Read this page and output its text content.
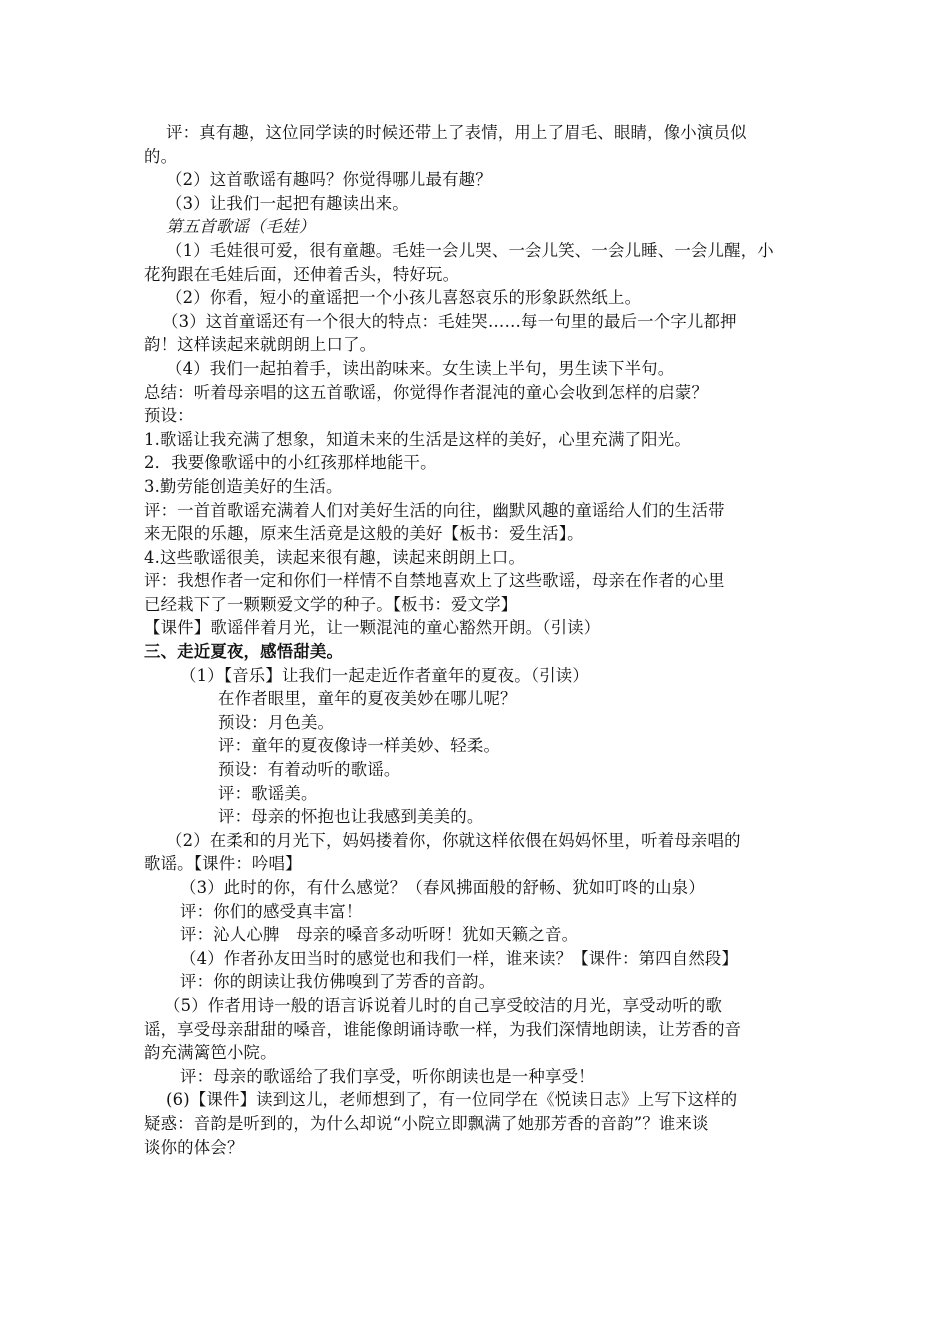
评：真有趣，这位同学读的时候还带上了表情，用上了眉毛、眼睛，像小演员似
的。
（2）这首歌谣有趣吗？你觉得哪儿最有趣？
（3）让我们一起把有趣读出来。
第五首歌谣（毛娃）
（1）毛娃很可爱，很有童趣。毛娃一会儿哭、一会儿笑、一会儿睡、一会儿醒，小
花狗跟在毛娃后面，还伸着舌头，特好玩。
（2）你看，短小的童谣把一个小孩儿喜怒哀乐的形象跃然纸上。
（3）这首童谣还有一个很大的特点：毛娃哭……每一句里的最后一个字儿都押
韵！这样读起来就朗朗上口了。
（4）我们一起拍着手，读出韵味来。女生读上半句，男生读下半句。
总结：听着母亲唱的这五首歌谣，你觉得作者混沌的童心会收到怎样的启蒙？
预设：
1.歌谣让我充满了想象，知道未来的生活是这样的美好，心里充满了阳光。
2．我要像歌谣中的小红孩那样地能干。
3.勤劳能创造美好的生活。
评：一首首歌谣充满着人们对美好生活的向往，幽默风趣的童谣给人们的生活带
来无限的乐趣，原来生活竟是这般的美好【板书：爱生活】。
4.这些歌谣很美，读起来很有趣，读起来朗朗上口。
评：我想作者一定和你们一样情不自禁地喜欢上了这些歌谣，母亲在作者的心里
已经栽下了一颗颗爱文学的种子。【板书：爱文学】
【课件】歌谣伴着月光，让一颗混沌的童心豁然开朗。（引读）
三、走近夏夜，感悟甜美。
（1）【音乐】让我们一起走近作者童年的夏夜。（引读）
在作者眼里，童年的夏夜美妙在哪儿呢？
预设：月色美。
评：童年的夏夜像诗一样美妙、轻柔。
预设：有着动听的歌谣。
评：歌谣美。
评：母亲的怀抱也让我感到美美的。
（2）在柔和的月光下，妈妈搂着你，你就这样依偎在妈妈怀里，听着母亲唱的
歌谣。【课件：吟唱】
（3）此时的你，有什么感觉？（春风拂面般的舒畅、犹如叮咚的山泉）
评：你们的感受真丰富！
评：沁人心脾　母亲的嗓音多动听呀！犹如天籁之音。
（4）作者孙友田当时的感觉也和我们一样，谁来读？【课件：第四自然段】
评：你的朗读让我仿佛嗅到了芳香的音韵。
（5）作者用诗一般的语言诉说着儿时的自己享受皎洁的月光，享受动听的歌
谣，享受母亲甜甜的嗓音，谁能像朗诵诗歌一样，为我们深情地朗读，让芳香的音
韵充满篱笆小院。
评：母亲的歌谣给了我们享受，听你朗读也是一种享受！
(6)【课件】读到这儿，老师想到了，有一位同学在《悦读日志》上写下这样的
疑惑：音韵是听到的，为什么却说“小院立即飘满了她那芳香的音韵”？谁来谈
谈你的体会？
